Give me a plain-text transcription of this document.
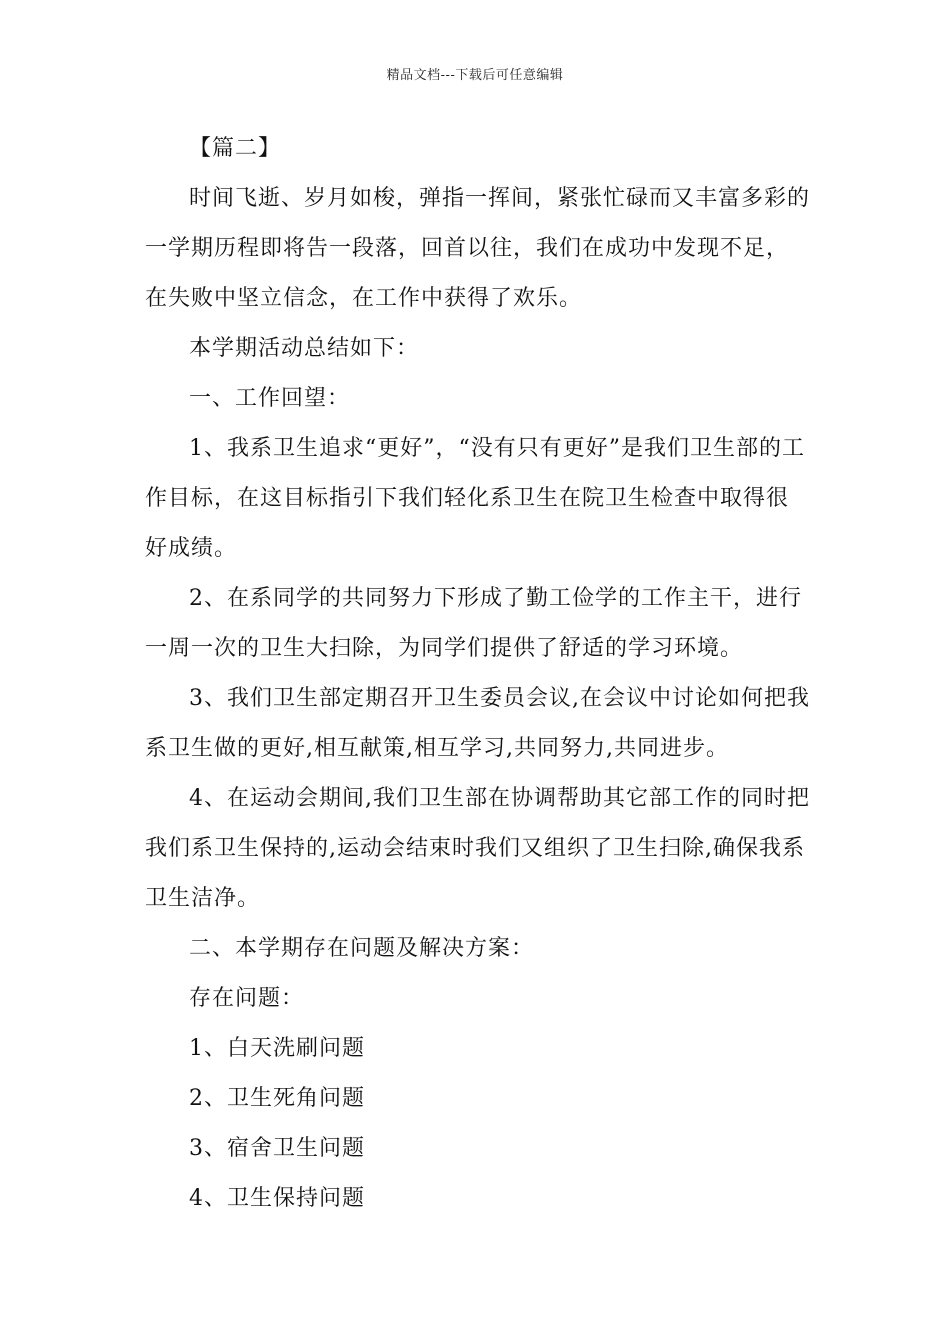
精品文档---下载后可任意编辑

【篇二】

时间飞逝、岁月如梭，弹指一挥间，紧张忙碌而又丰富多彩的一学期历程即将告一段落，回首以往，我们在成功中发现不足，在失败中坚立信念，在工作中获得了欢乐。

本学期活动总结如下：

一、工作回望：

1、我系卫生追求“更好”，“没有只有更好”是我们卫生部的工作目标，在这目标指引下我们轻化系卫生在院卫生检查中取得很好成绩。

2、在系同学的共同努力下形成了勤工俭学的工作主干，进行一周一次的卫生大扫除，为同学们提供了舒适的学习环境。

3、我们卫生部定期召开卫生委员会议,在会议中讨论如何把我系卫生做的更好,相互献策,相互学习,共同努力,共同进步。

4、在运动会期间,我们卫生部在协调帮助其它部工作的同时把我们系卫生保持的,运动会结束时我们又组织了卫生扫除,确保我系卫生洁净。

二、本学期存在问题及解决方案：

存在问题：

1、白天洗刷问题

2、卫生死角问题

3、宿舍卫生问题

4、卫生保持问题
